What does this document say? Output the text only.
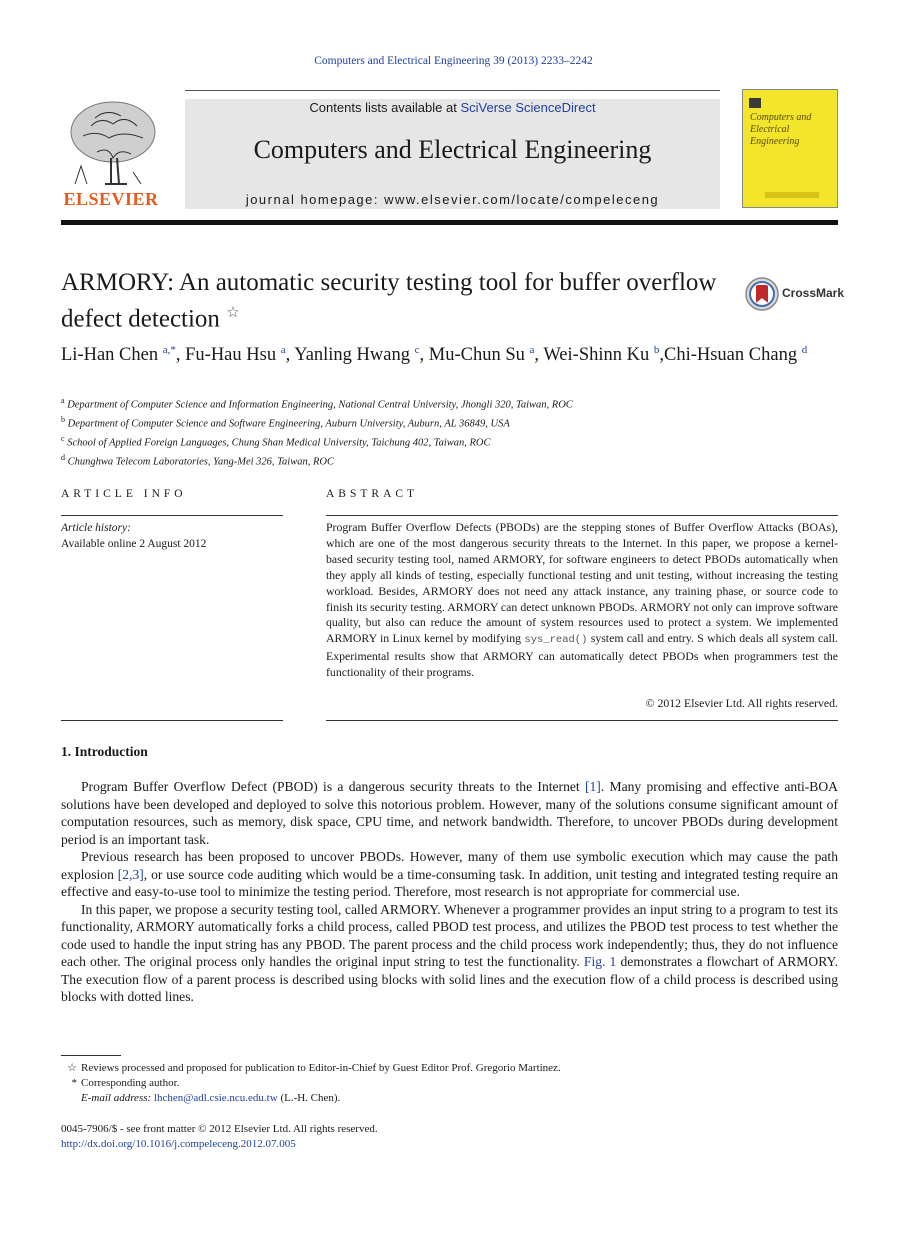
Computers and Electrical Engineering 39 (2013) 2233–2242
ELSEVIER
Contents lists available at SciVerse ScienceDirect
Computers and Electrical Engineering
journal homepage: www.elsevier.com/locate/compeleceng
Computers and
Electrical Engineering
ARMORY: An automatic security testing tool for buffer overflow defect detection ☆
CrossMark
Li-Han Chen $^{a,*}$, Fu-Hau Hsu $^a$, Yanling Hwang $^c$, Mu-Chun Su $^a$, Wei-Shinn Ku $^b$,Chi-Hsuan Chang $^d$
$^a$ Department of Computer Science and Information Engineering, National Central University, Jhongli 320, Taiwan, ROC
$^b$ Department of Computer Science and Software Engineering, Auburn University, Auburn, AL 36849, USA
$^c$ School of Applied Foreign Languages, Chung Shan Medical University, Taichung 402, Taiwan, ROC
$^d$ Chunghwa Telecom Laboratories, Yang-Mei 326, Taiwan, ROC
ARTICLE INFO	ABSTRACT
Article history:
Available online 2 August 2012
Program Buffer Overflow Defects (PBODs) are the stepping stones of Buffer Overflow Attacks (BOAs), which are one of the most dangerous security threats to the Internet. In this paper, we propose a kernel-based security testing tool, named ARMORY, for software engineers to detect PBODs automatically when they apply all kinds of testing, especially functional testing and unit testing, without increasing the testing workload. Besides, ARMORY does not need any attack instance, any training phase, or source code to finish its security testing. ARMORY can detect unknown PBODs. ARMORY not only can improve software quality, but also can reduce the amount of system resources used to protect a system. We implemented ARMORY in Linux kernel by modifying sys_read() system call and entry. S which deals all system call. Experimental results show that ARMORY can automatically detect PBODs when programmers test the functionality of their programs.
© 2012 Elsevier Ltd. All rights reserved.
1. Introduction

Program Buffer Overflow Defect (PBOD) is a dangerous security threats to the Internet [1]. Many promising and effective anti-BOA solutions have been developed and deployed to solve this notorious problem. However, many of the solutions consume significant amount of computation resources, such as memory, disk space, CPU time, and network bandwidth. Therefore, to uncover PBODs during development period is an important task.

Previous research has been proposed to uncover PBODs. However, many of them use symbolic execution which may cause the path explosion [2,3], or use source code auditing which would be a time-consuming task. In addition, unit testing and integrated testing require an effective and easy-to-use tool to minimize the testing period. Therefore, most research is not appropriate for commercial use.

In this paper, we propose a security testing tool, called ARMORY. Whenever a programmer provides an input string to a program to test its functionality, ARMORY automatically forks a child process, called PBOD test process, and utilizes the PBOD test process to test whether the code used to handle the input string has any PBOD. The parent process and the child process work independently; thus, they do not influence each other. The original process only handles the original input string to test the functionality. Fig. 1 demonstrates a flowchart of ARMORY. The execution flow of a parent process is described using blocks with solid lines and the execution flow of a child process is described using blocks with dotted lines.

☆ Reviews processed and proposed for publication to Editor-in-Chief by Guest Editor Prof. Gregorio Martinez.
* Corresponding author.
E-mail address: lhchen@adl.csie.ncu.edu.tw (L.-H. Chen).
0045-7906/$ - see front matter © 2012 Elsevier Ltd. All rights reserved.
http://dx.doi.org/10.1016/j.compeleceng.2012.07.005
